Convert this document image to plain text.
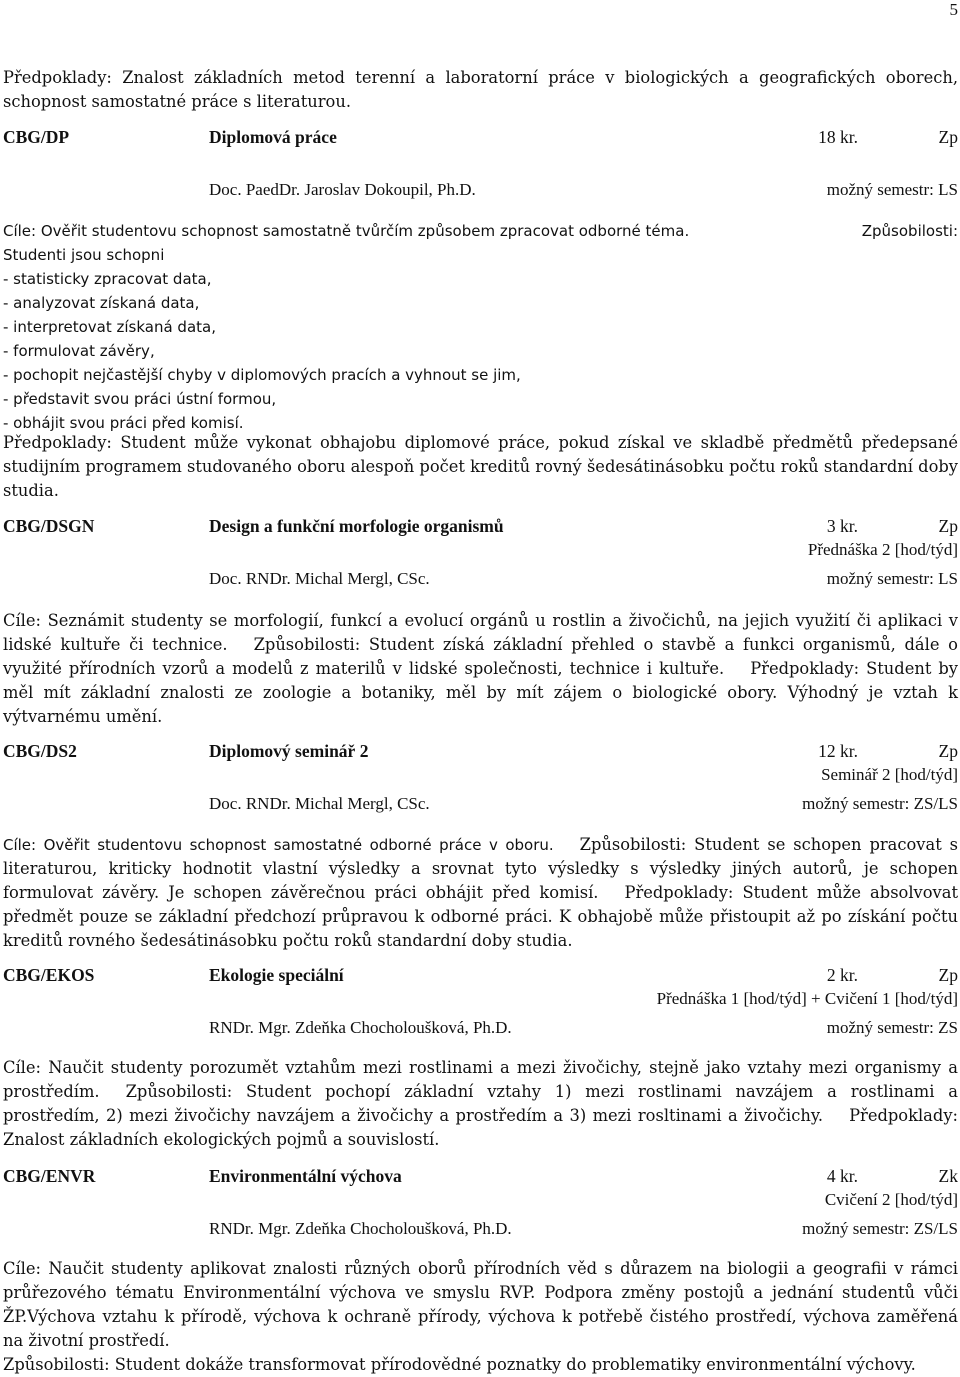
5
Předpoklady: Znalost základních metod terenní a laboratorní práce v biologických a geografických oborech, schopnost samostatné práce s literaturou.
CBG/DP	Diplomová práce	18 kr.	Zp
Doc. PaedDr. Jaroslav Dokoupil, Ph.D.	možný semestr: LS
Cíle: Ověřit studentovu schopnost samostatně tvůrčím způsobem zpracovat odborné téma.	Způsobilosti:
Studenti jsou schopni
- statisticky zpracovat data,
- analyzovat získaná data,
- interpretovat získaná data,
- formulovat závěry,
- pochopit nejčastější chyby v diplomových pracích a vyhnout se jim,
- představit svou práci ústní formou,
- obhájit svou práci před komisí.
Předpoklady: Student může vykonat obhajobu diplomové práce, pokud získal ve skladbě předmětů předepsané studijním programem studovaného oboru alespoň počet kreditů rovný šedesátinásobku počtu roků standardní doby studia.
CBG/DSGN	Design a funkční morfologie organismů	3 kr.	Zp
Přednáška 2 [hod/týd]
Doc. RNDr. Michal Mergl, CSc.	možný semestr: LS
Cíle: Seznámit studenty se morfologií, funkcí a evolucí orgánů u rostlin a živočichů, na jejich využití či aplikaci v lidské kultuře či technice. Způsobilosti: Student získá základní přehled o stavbě a funkci organismů, dále o využité přírodních vzorů a modelů z materilů v lidské společnosti, technice i kultuře. Předpoklady: Student by měl mít základní znalosti ze zoologie a botaniky, měl by mít zájem o biologické obory. Výhodný je vztah k výtvarnému umění.
CBG/DS2	Diplomový seminář 2	12 kr.	Zp
Seminář 2 [hod/týd]
Doc. RNDr. Michal Mergl, CSc.	možný semestr: ZS/LS
Cíle: Ověřit studentovu schopnost samostatné odborné práce v oboru. Způsobilosti: Student se schopen pracovat s literaturou, kriticky hodnotit vlastní výsledky a srovnat tyto výsledky s výsledky jiných autorů, je schopen formulovat závěry. Je schopen závěrečnou práci obhájit před komisí. Předpoklady: Student může absolvovat předmět pouze se základní předchozí průpravou k odborné práci. K obhajobě může přistoupit až po získání počtu kreditů rovného šedesátinásobku počtu roků standardní doby studia.
CBG/EKOS	Ekologie speciální	2 kr.	Zp
Přednáška 1 [hod/týd] + Cvičení 1 [hod/týd]
RNDr. Mgr. Zdeňka Chocholoušková, Ph.D.	možný semestr: ZS
Cíle: Naučit studenty porozumět vztahům mezi rostlinami a mezi živočichy, stejně jako vztahy mezi organismy a prostředím. Způsobilosti: Student pochopí základní vztahy 1) mezi rostlinami navzájem a rostlinami a prostředím, 2) mezi živočichy navzájem a živočichy a prostředím a 3) mezi rosltinami a živočichy. Předpoklady: Znalost základních ekologických pojmů a souvislostí.
CBG/ENVR	Environmentální výchova	4 kr.	Zk
Cvičení 2 [hod/týd]
RNDr. Mgr. Zdeňka Chocholoušková, Ph.D.	možný semestr: ZS/LS
Cíle: Naučit studenty aplikovat znalosti různých oborů přírodních věd s důrazem na biologii a geografii v rámci průřezového tématu Environmentální výchova ve smyslu RVP. Podpora změny postojů a jednání studentů vůči ŽP.Výchova vztahu k přírodě, výchova k ochraně přírody, výchova k potřebě čistého prostředí, výchova zaměřená na životní prostředí.
Způsobilosti: Student dokáže transformovat přírodovědné poznatky do problematiky environmentální výchovy.
